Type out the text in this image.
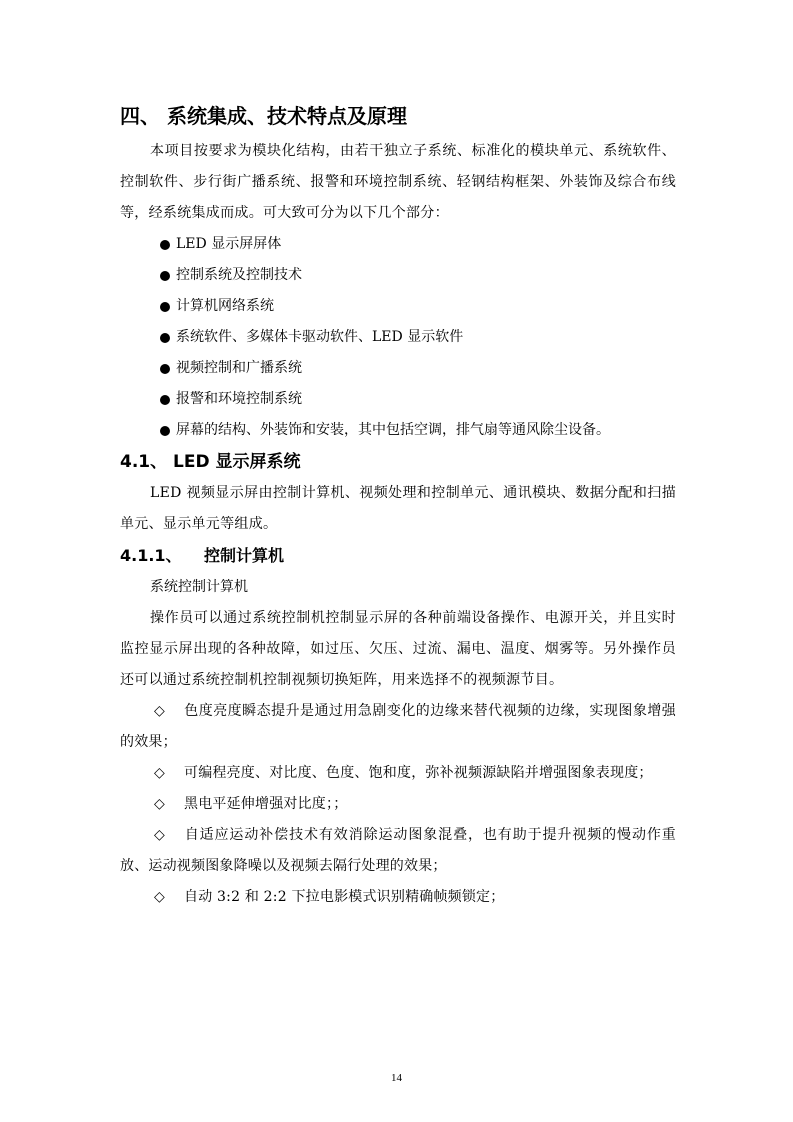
四、 系统集成、技术特点及原理

本项目按要求为模块化结构，由若干独立子系统、标准化的模块单元、系统软件、控制软件、步行街广播系统、报警和环境控制系统、轻钢结构框架、外装饰及综合布线等，经系统集成而成。可大致可分为以下几个部分：

LED 显示屏屏体
控制系统及控制技术
计算机网络系统
系统软件、多媒体卡驱动软件、LED 显示软件
视频控制和广播系统
报警和环境控制系统
屏幕的结构、外装饰和安装，其中包括空调，排气扇等通风除尘设备。
4.1、 LED 显示屏系统

LED 视频显示屏由控制计算机、视频处理和控制单元、通讯模块、数据分配和扫描单元、显示单元等组成。

4.1.1、 控制计算机

系统控制计算机

操作员可以通过系统控制机控制显示屏的各种前端设备操作、电源开关，并且实时监控显示屏出现的各种故障，如过压、欠压、过流、漏电、温度、烟雾等。另外操作员还可以通过系统控制机控制视频切换矩阵，用来选择不的视频源节目。

◇ 色度亮度瞬态提升是通过用急剧变化的边缘来替代视频的边缘，实现图象增强的效果；

◇ 可编程亮度、对比度、色度、饱和度，弥补视频源缺陷并增强图象表现度；

◇ 黑电平延伸增强对比度；；

◇ 自适应运动补偿技术有效消除运动图象混叠，也有助于提升视频的慢动作重放、运动视频图象降噪以及视频去隔行处理的效果；

◇ 自动 3:2 和 2:2 下拉电影模式识别精确帧频锁定；

14
